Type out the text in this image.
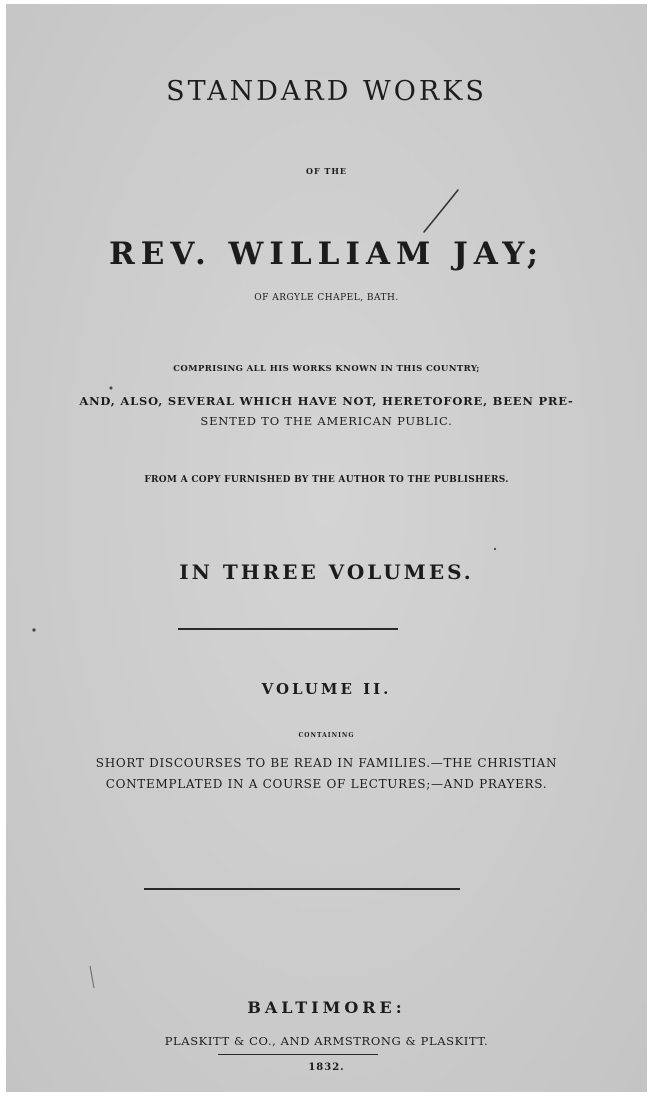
STANDARD WORKS

OF THE

REV. WILLIAM JAY;

OF ARGYLE CHAPEL, BATH.

COMPRISING ALL HIS WORKS KNOWN IN THIS COUNTRY;

AND, ALSO, SEVERAL WHICH HAVE NOT, HERETOFORE, BEEN PRE-

SENTED TO THE AMERICAN PUBLIC.

FROM A COPY FURNISHED BY THE AUTHOR TO THE PUBLISHERS.

IN THREE VOLUMES.

VOLUME II.

CONTAINING

SHORT DISCOURSES TO BE READ IN FAMILIES.—THE CHRISTIAN

CONTEMPLATED IN A COURSE OF LECTURES;—AND PRAYERS.

BALTIMORE:

PLASKITT & CO., AND ARMSTRONG & PLASKITT.

1832.
